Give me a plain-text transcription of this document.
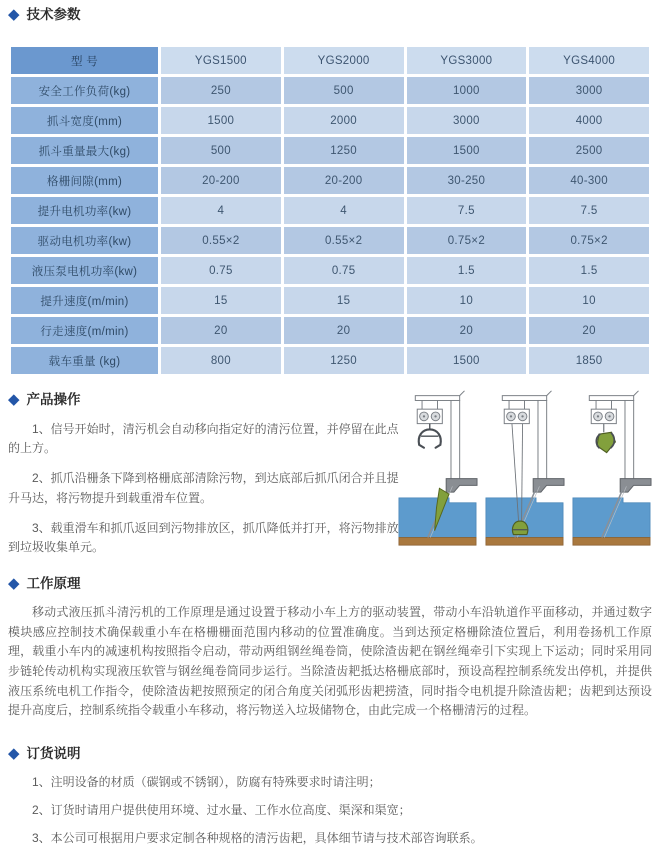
◆ 技术参数
型 号	YGS1500	YGS2000	YGS3000	YGS4000
安全工作负荷(kg)	250	500	1000	3000
抓斗宽度(mm)	1500	2000	3000	4000
抓斗重量最大(kg)	500	1250	1500	2500
格栅间隙(mm)	20-200	20-200	30-250	40-300
提升电机功率(kw)	4	4	7.5	7.5
驱动电机功率(kw)	0.55×2	0.55×2	0.75×2	0.75×2
液压泵电机功率(kw)	0.75	0.75	1.5	1.5
提升速度(m/min)	15	15	10	10
行走速度(m/min)	20	20	20	20
载车重量 (kg)	800	1250	1500	1850
◆ 产品操作

1、信号开始时，清污机会自动移向指定好的清污位置，并停留在此点的上方。

2、抓爪沿栅条下降到格栅底部清除污物，到达底部后抓爪闭合并且提升马达，将污物提升到载重滑车位置。

3、载重滑车和抓爪返回到污物排放区，抓爪降低并打开，将污物排放到垃圾收集单元。

◆ 工作原理

移动式液压抓斗清污机的工作原理是通过设置于移动小车上方的驱动装置，带动小车沿轨道作平面移动，并通过数字模块感应控制技术确保载重小车在格栅栅面范围内移动的位置准确度。当到达预定格栅除渣位置后，利用卷扬机工作原理，载重小车内的减速机构按照指令启动，带动两组钢丝绳卷筒，使除渣齿耙在钢丝绳牵引下实现上下运动；同时采用同步链轮传动机构实现液压软管与钢丝绳卷筒同步运行。当除渣齿耙抵达格栅底部时，预设高程控制系统发出停机，并提供液压系统电机工作指令，使除渣齿耙按照预定的闭合角度关闭弧形齿耙捞渣，同时指令电机提升除渣齿耙；齿耙到达预设提升高度后，控制系统指令载重小车移动，将污物送入垃圾储物仓，由此完成一个格栅清污的过程。

◆ 订货说明

1、注明设备的材质（碳钢或不锈钢），防腐有特殊要求时请注明；

2、订货时请用户提供使用环境、过水量、工作水位高度、渠深和渠宽；

3、本公司可根据用户要求定制各种规格的清污齿耙，具体细节请与技术部咨询联系。
